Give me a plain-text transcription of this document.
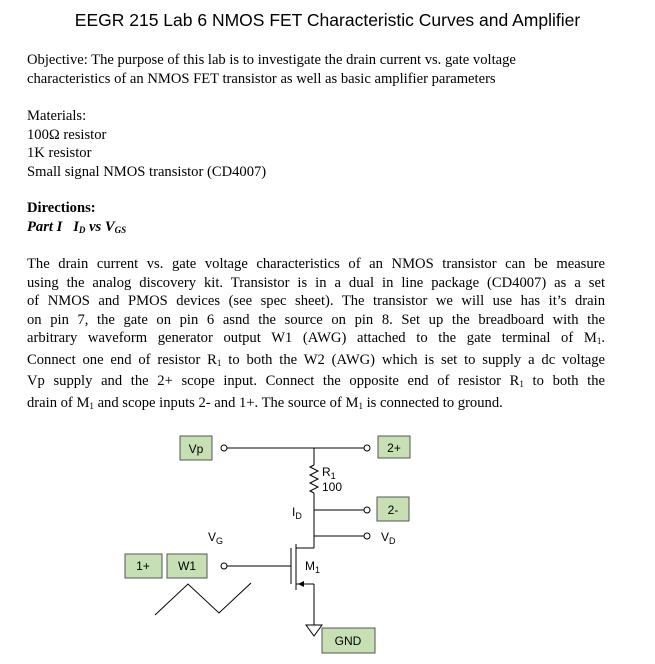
EEGR 215 Lab 6 NMOS FET Characteristic Curves and Amplifier
Objective: The purpose of this lab is to investigate the drain current vs. gate voltage
characteristics of an NMOS FET transistor as well as basic amplifier parameters
Materials:
100Ω resistor
1K resistor
Small signal NMOS transistor (CD4007)
Directions:
Part I $I_D$ vs $V_{GS}$
The drain current vs. gate voltage characteristics of an NMOS transistor can be measure
using the analog discovery kit. Transistor is in a dual in line package (CD4007) as a set
of NMOS and PMOS devices (see spec sheet). The transistor we will use has it’s drain
on pin 7, the gate on pin 6 asnd the source on pin 8. Set up the breadboard with the
arbitrary waveform generator output W1 (AWG) attached to the gate terminal of $M_1$.
Connect one end of resistor $R_1$ to both the W2 (AWG) which is set to supply a dc voltage
Vp supply and the 2+ scope input. Connect the opposite end of resistor $R_1$ to both the
drain of $M_1$ and scope inputs 2- and 1+. The source of $M_1$ is connected to ground.
Vp	2+
2-
1+ W1
GND
$R_1$
100
$I_D$
$V_G$	$V_D$
$M_1$
